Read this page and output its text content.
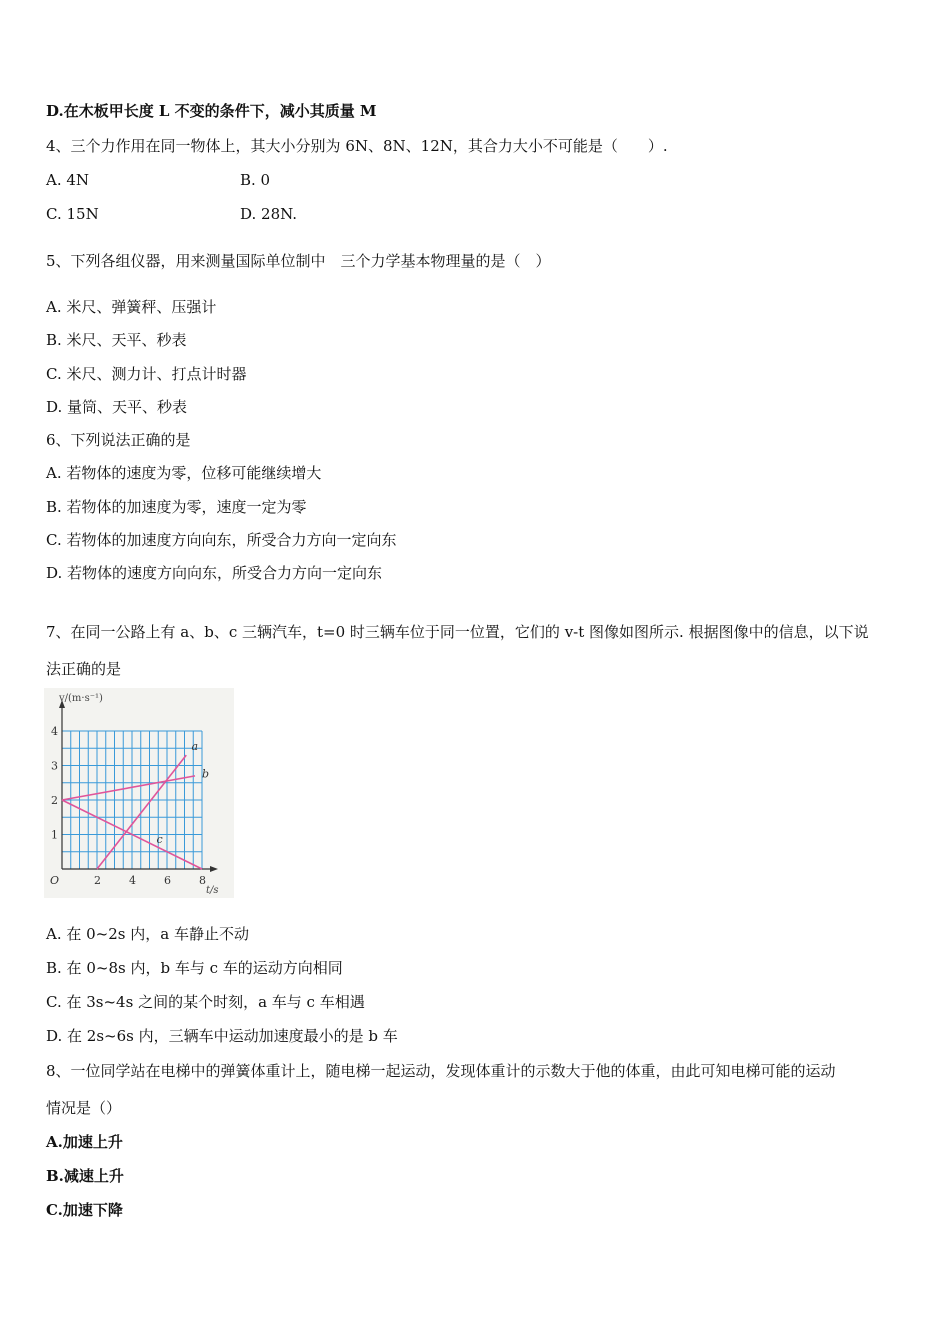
D.在木板甲长度 L 不变的条件下，减小其质量 M
4、三个力作用在同一物体上，其大小分别为 6N、8N、12N，其合力大小不可能是（　　）.
A. 4N	B. 0
C. 15N	D. 28N.
5、下列各组仪器，用来测量国际单位制中　三个力学基本物理量的是（　）
A. 米尺、弹簧秤、压强计
B. 米尺、天平、秒表
C. 米尺、测力计、打点计时器
D. 量筒、天平、秒表
6、下列说法正确的是
A. 若物体的速度为零，位移可能继续增大
B. 若物体的加速度为零，速度一定为零
C. 若物体的加速度方向向东，所受合力方向一定向东
D. 若物体的速度方向向东，所受合力方向一定向东
7、在同一公路上有 a、b、c 三辆汽车，t=0 时三辆车位于同一位置，它们的 v-t 图像如图所示. 根据图像中的信息，以下说
法正确的是
a
b
c
2	4	6	8
1
2
3
4
O
v/(m·s⁻¹)
t/s
A. 在 0~2s 内，a 车静止不动
B. 在 0~8s 内，b 车与 c 车的运动方向相同
C. 在 3s~4s 之间的某个时刻，a 车与 c 车相遇
D. 在 2s~6s 内，三辆车中运动加速度最小的是 b 车
8、一位同学站在电梯中的弹簧体重计上，随电梯一起运动，发现体重计的示数大于他的体重，由此可知电梯可能的运动
情况是（）
A.加速上升
B.减速上升
C.加速下降
